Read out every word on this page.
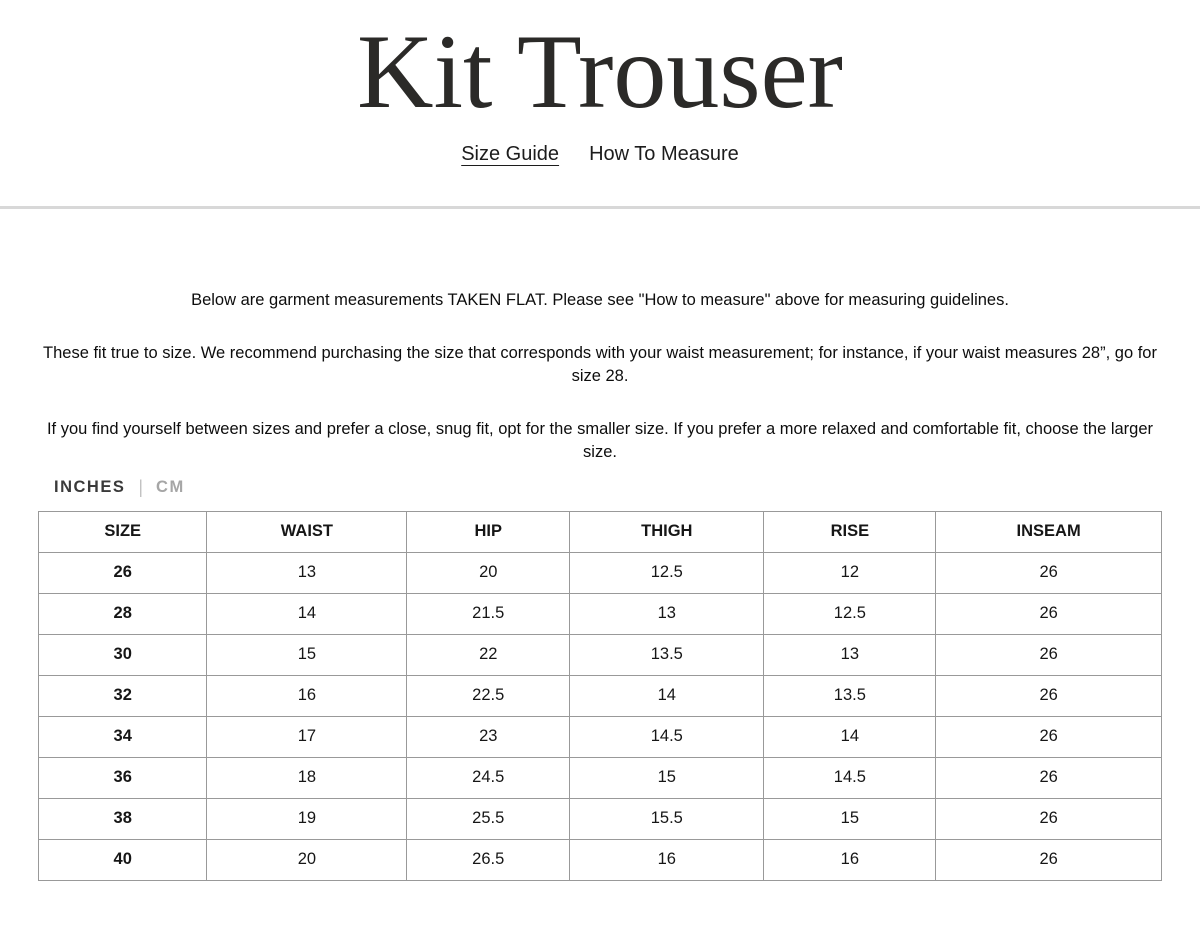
Kit Trouser
Size Guide How To Measure

Below are garment measurements TAKEN FLAT. Please see "How to measure" above for measuring guidelines.

These fit true to size. We recommend purchasing the size that corresponds with your waist measurement; for instance, if your waist measures 28”, go for size 28.

If you find yourself between sizes and prefer a close, snug fit, opt for the smaller size. If you prefer a more relaxed and comfortable fit, choose the larger size.

INCHES | CM
SIZE	WAIST	HIP	THIGH	RISE	INSEAM
26	13	20	12.5	12	26
28	14	21.5	13	12.5	26
30	15	22	13.5	13	26
32	16	22.5	14	13.5	26
34	17	23	14.5	14	26
36	18	24.5	15	14.5	26
38	19	25.5	15.5	15	26
40	20	26.5	16	16	26
